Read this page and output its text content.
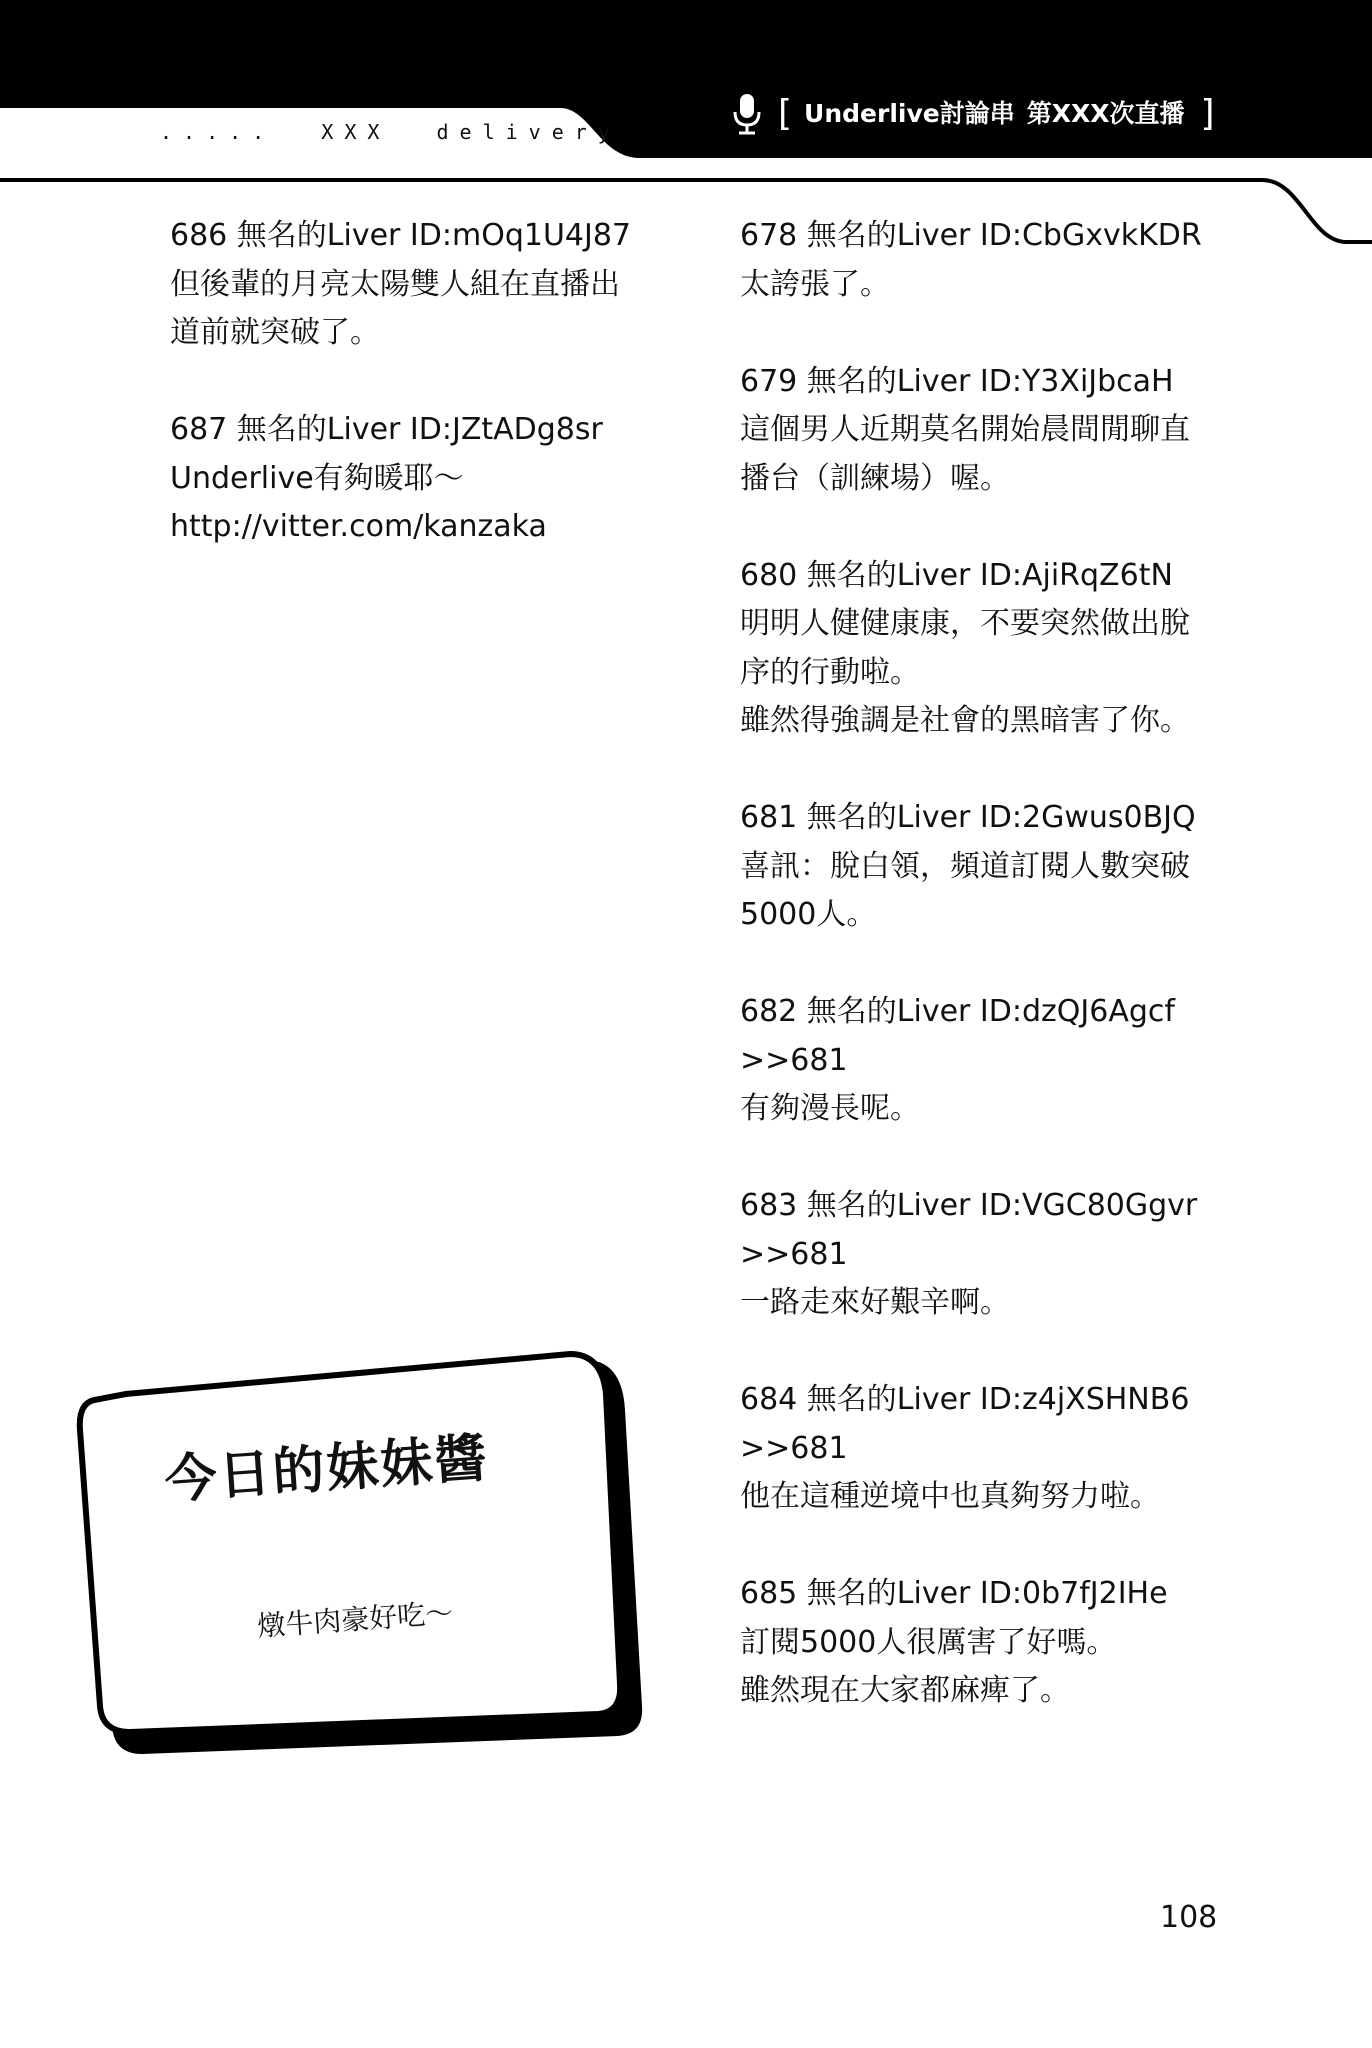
.....  XXX  delivery	[ Underlive討論串 第XXX次直播 ]
686 無名的Liver ID:mOq1U4J87
但後輩的月亮太陽雙人組在直播出
道前就突破了。
687 無名的Liver ID:JZtADg8sr
Underlive有夠暖耶～
http://vitter.com/kanzaka
678 無名的Liver ID:CbGxvkKDR
太誇張了。
679 無名的Liver ID:Y3XiJbcaH
這個男人近期莫名開始晨間閒聊直
播台（訓練場）喔。
680 無名的Liver ID:AjiRqZ6tN
明明人健健康康，不要突然做出脫
序的行動啦。
雖然得強調是社會的黑暗害了你。
681 無名的Liver ID:2Gwus0BJQ
喜訊：脫白領，頻道訂閱人數突破
5000人。
682 無名的Liver ID:dzQJ6Agcf
>>681
有夠漫長呢。
683 無名的Liver ID:VGC80Ggvr
>>681
一路走來好艱辛啊。
684 無名的Liver ID:z4jXSHNB6
>>681
他在這種逆境中也真夠努力啦。
685 無名的Liver ID:0b7fJ2IHe
訂閱5000人很厲害了好嗎。
雖然現在大家都麻痺了。
今日的妹妹醬
燉牛肉豪好吃～
108
